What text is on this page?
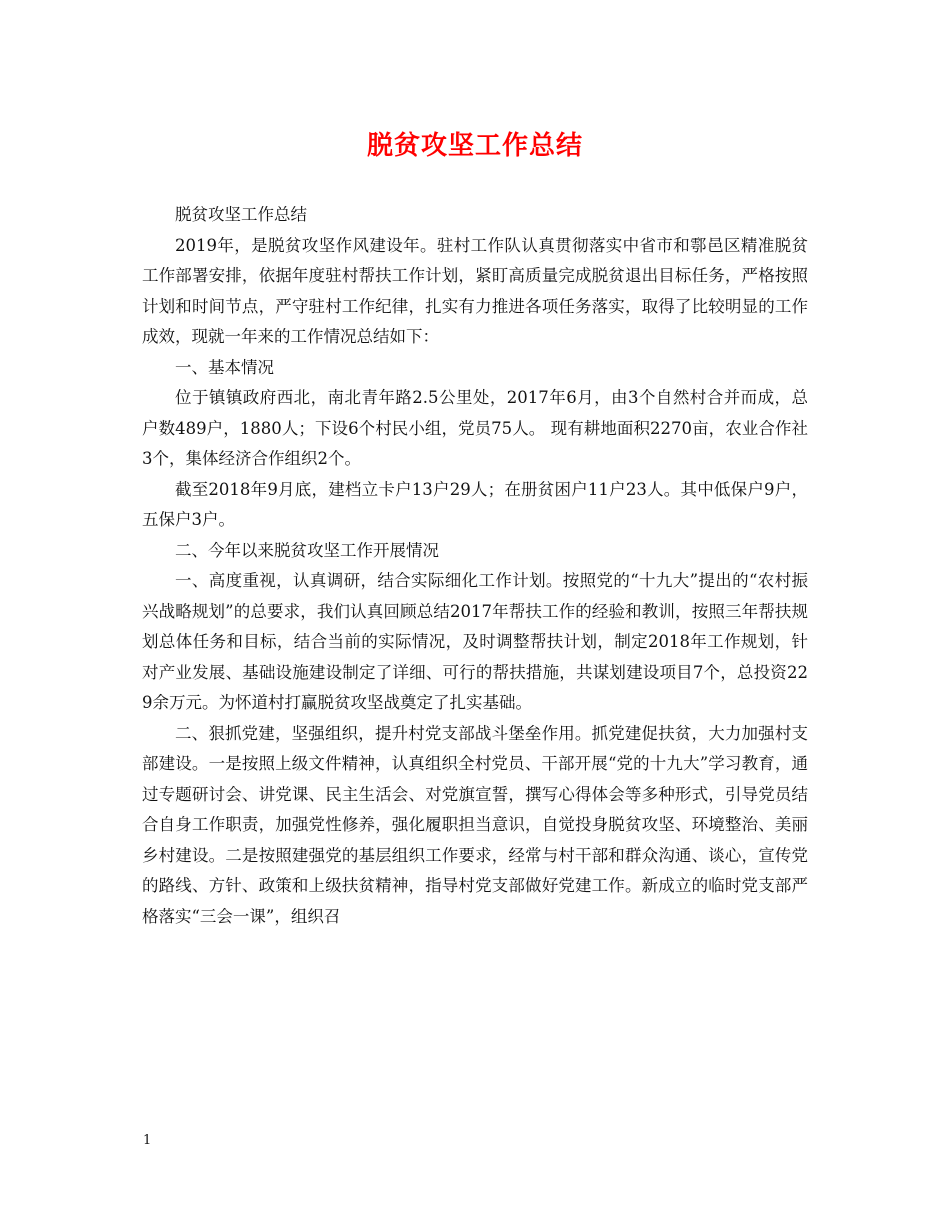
脱贫攻坚工作总结

脱贫攻坚工作总结

2019年，是脱贫攻坚作风建设年。驻村工作队认真贯彻落实中省市和鄠邑区精准脱贫工作部署安排，依据年度驻村帮扶工作计划，紧盯高质量完成脱贫退出目标任务，严格按照计划和时间节点，严守驻村工作纪律，扎实有力推进各项任务落实，取得了比较明显的工作成效，现就一年来的工作情况总结如下：

一、基本情况

位于镇镇政府西北，南北青年路2.5公里处，2017年6月，由3个自然村合并而成，总户数489户，1880人；下设6个村民小组，党员75人。 现有耕地面积2270亩，农业合作社3个，集体经济合作组织2个。

截至2018年9月底，建档立卡户13户29人；在册贫困户11户23人。其中低保户9户，五保户3户。

二、今年以来脱贫攻坚工作开展情况

一、高度重视，认真调研，结合实际细化工作计划。按照党的“十九大”提出的“农村振兴战略规划”的总要求，我们认真回顾总结2017年帮扶工作的经验和教训，按照三年帮扶规划总体任务和目标，结合当前的实际情况，及时调整帮扶计划，制定2018年工作规划，针对产业发展、基础设施建设制定了详细、可行的帮扶措施，共谋划建设项目7个，总投资229余万元。为怀道村打赢脱贫攻坚战奠定了扎实基础。

二、狠抓党建，坚强组织，提升村党支部战斗堡垒作用。抓党建促扶贫，大力加强村支部建设。一是按照上级文件精神，认真组织全村党员、干部开展“党的十九大”学习教育，通过专题研讨会、讲党课、民主生活会、对党旗宣誓，撰写心得体会等多种形式，引导党员结合自身工作职责，加强党性修养，强化履职担当意识，自觉投身脱贫攻坚、环境整治、美丽乡村建设。二是按照建强党的基层组织工作要求，经常与村干部和群众沟通、谈心，宣传党的路线、方针、政策和上级扶贫精神，指导村党支部做好党建工作。新成立的临时党支部严格落实“三会一课”，组织召

1
